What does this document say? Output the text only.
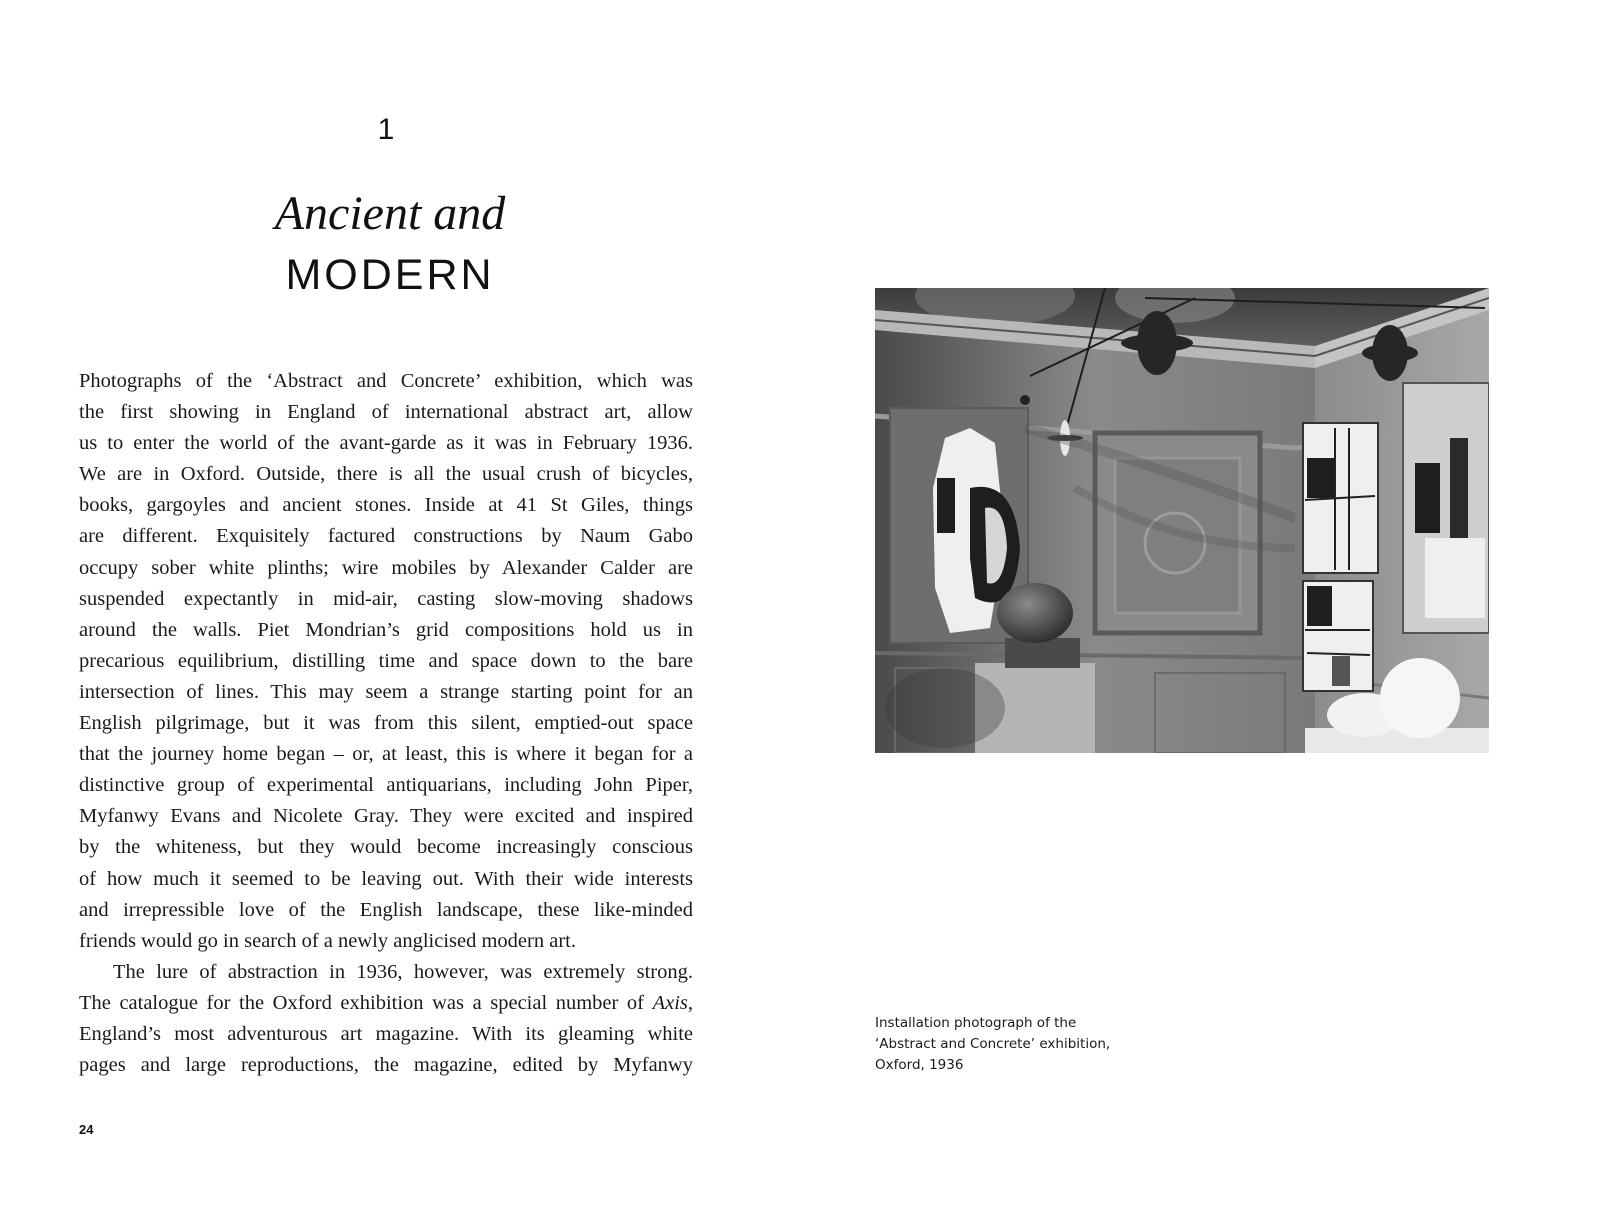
1
Ancient and
MODERN

Photographs of the ‘Abstract and Concrete’ exhibition, which was
the first showing in England of international abstract art, allow
us to enter the world of the avant-garde as it was in February 1936.
We are in Oxford. Outside, there is all the usual crush of bicycles,
books, gargoyles and ancient stones. Inside at 41 St Giles, things
are different. Exquisitely factured constructions by Naum Gabo
occupy sober white plinths; wire mobiles by Alexander Calder are
suspended expectantly in mid-air, casting slow-moving shadows
around the walls. Piet Mondrian’s grid compositions hold us in
precarious equilibrium, distilling time and space down to the bare
intersection of lines. This may seem a strange starting point for an
English pilgrimage, but it was from this silent, emptied-out space
that the journey home began – or, at least, this is where it began for a
distinctive group of experimental antiquarians, including John Piper,
Myfanwy Evans and Nicolete Gray. They were excited and inspired
by the whiteness, but they would become increasingly conscious
of how much it seemed to be leaving out. With their wide interests
and irrepressible love of the English landscape, these like-minded
friends would go in search of a newly anglicised modern art.

The lure of abstraction in 1936, however, was extremely strong.
The catalogue for the Oxford exhibition was a special number of Axis,
England’s most adventurous art magazine. With its gleaming white
pages and large reproductions, the magazine, edited by Myfanwy

24
Installation photograph of the
‘Abstract and Concrete’ exhibition,
Oxford, 1936
